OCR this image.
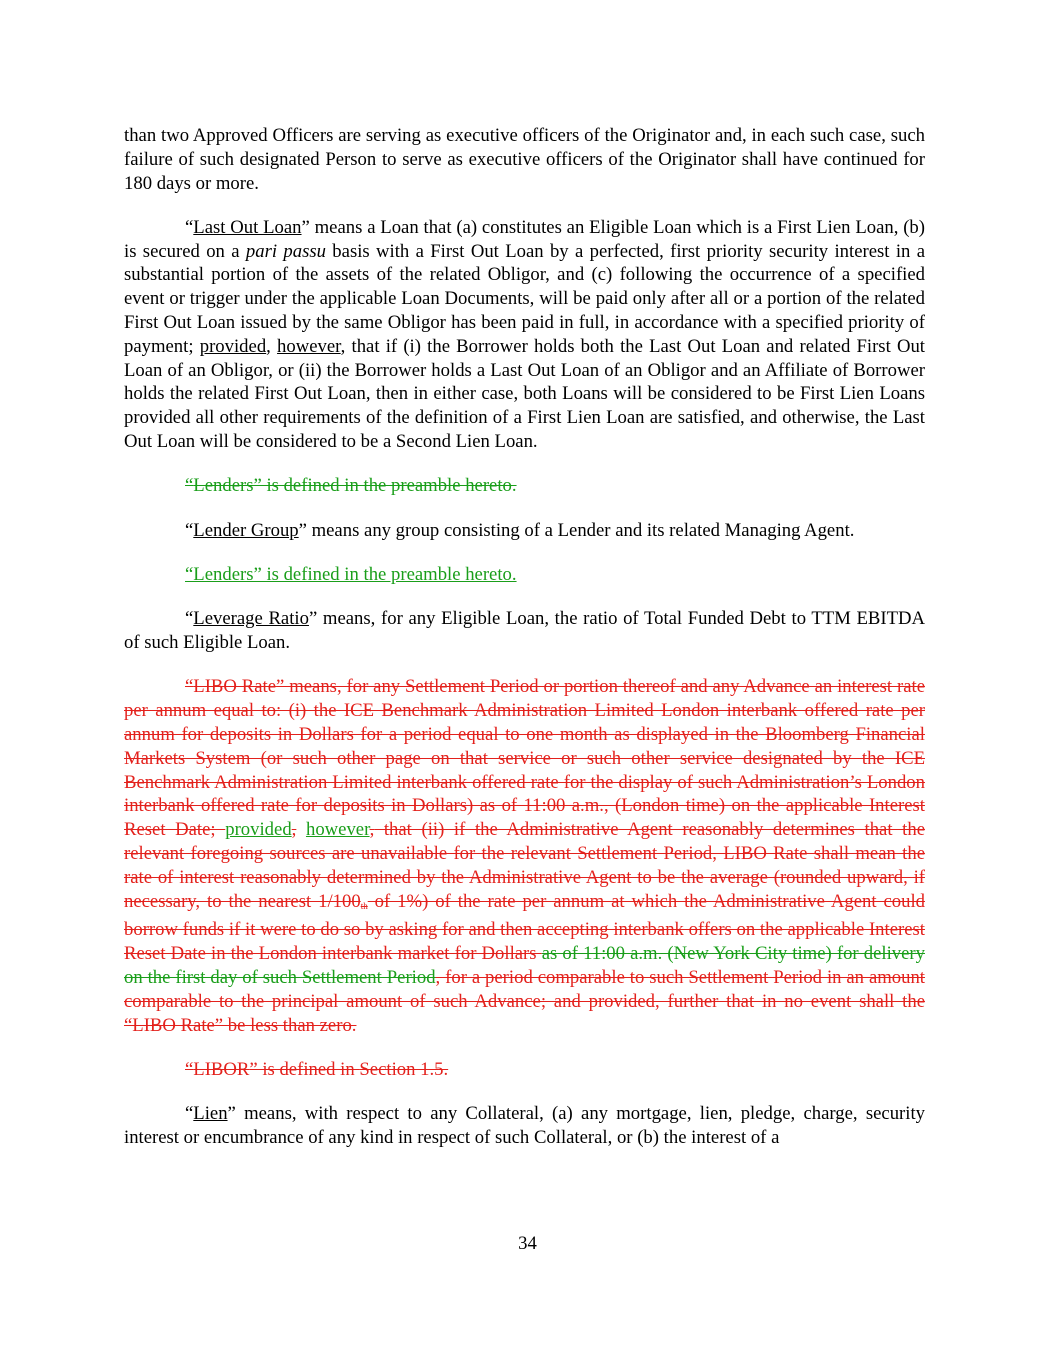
than two Approved Officers are serving as executive officers of the Originator and, in each such case, such failure of such designated Person to serve as executive officers of the Originator shall have continued for 180 days or more.

“Last Out Loan” means a Loan that (a) constitutes an Eligible Loan which is a First Lien Loan, (b) is secured on a pari passu basis with a First Out Loan by a perfected, first priority security interest in a substantial portion of the assets of the related Obligor, and (c) following the occurrence of a specified event or trigger under the applicable Loan Documents, will be paid only after all or a portion of the related First Out Loan issued by the same Obligor has been paid in full, in accordance with a specified priority of payment; provided, however, that if (i) the Borrower holds both the Last Out Loan and related First Out Loan of an Obligor, or (ii) the Borrower holds a Last Out Loan of an Obligor and an Affiliate of Borrower holds the related First Out Loan, then in either case, both Loans will be considered to be First Lien Loans provided all other requirements of the definition of a First Lien Loan are satisfied, and otherwise, the Last Out Loan will be considered to be a Second Lien Loan.

“Lenders” is defined in the preamble hereto.

“Lender Group” means any group consisting of a Lender and its related Managing Agent.

“Lenders” is defined in the preamble hereto.

“Leverage Ratio” means, for any Eligible Loan, the ratio of Total Funded Debt to TTM EBITDA of such Eligible Loan.

“LIBO Rate” means, for any Settlement Period or portion thereof and any Advance an interest rate per annum equal to: (i) the ICE Benchmark Administration Limited London interbank offered rate per annum for deposits in Dollars for a period equal to one month as displayed in the Bloomberg Financial Markets System (or such other page on that service or such other service designated by the ICE Benchmark Administration Limited interbank offered rate for the display of such Administration’s London interbank offered rate for deposits in Dollars) as of 11:00 a.m., (London time) on the applicable Interest Reset Date; provided, however, that (ii) if the Administrative Agent reasonably determines that the relevant foregoing sources are unavailable for the relevant Settlement Period, LIBO Rate shall mean the rate of interest reasonably determined by the Administrative Agent to be the average (rounded upward, if necessary, to the nearest $1/100_{th}$ of 1%) of the rate per annum at which the Administrative Agent could borrow funds if it were to do so by asking for and then accepting interbank offers on the applicable Interest Reset Date in the London interbank market for Dollars as of 11:00 a.m. (New York City time) for delivery on the first day of such Settlement Period, for a period comparable to such Settlement Period in an amount comparable to the principal amount of such Advance; and provided, further that in no event shall the “LIBO Rate” be less than zero.

“LIBOR” is defined in Section 1.5.

“Lien” means, with respect to any Collateral, (a) any mortgage, lien, pledge, charge, security interest or encumbrance of any kind in respect of such Collateral, or (b) the interest of a

34
